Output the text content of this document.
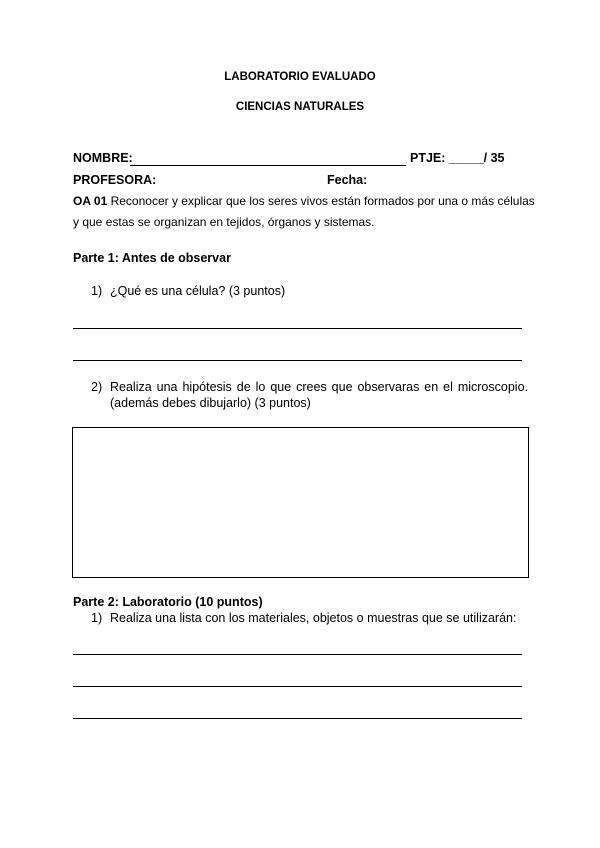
LABORATORIO EVALUADO
CIENCIAS NATURALES
NOMBRE:	PTJE: _____/ 35
PROFESORA:	Fecha:
OA 01 Reconocer y explicar que los seres vivos están formados por una o más células
y que estas se organizan en tejidos, órganos y sistemas.
Parte 1: Antes de observar
1) ¿Qué es una célula? (3 puntos)
2) Realiza una hipótesis de lo que crees que observaras en el microscopio.
(además debes dibujarlo) (3 puntos)
Parte 2: Laboratorio (10 puntos)
1) Realiza una lista con los materiales, objetos o muestras que se utilizarán:
